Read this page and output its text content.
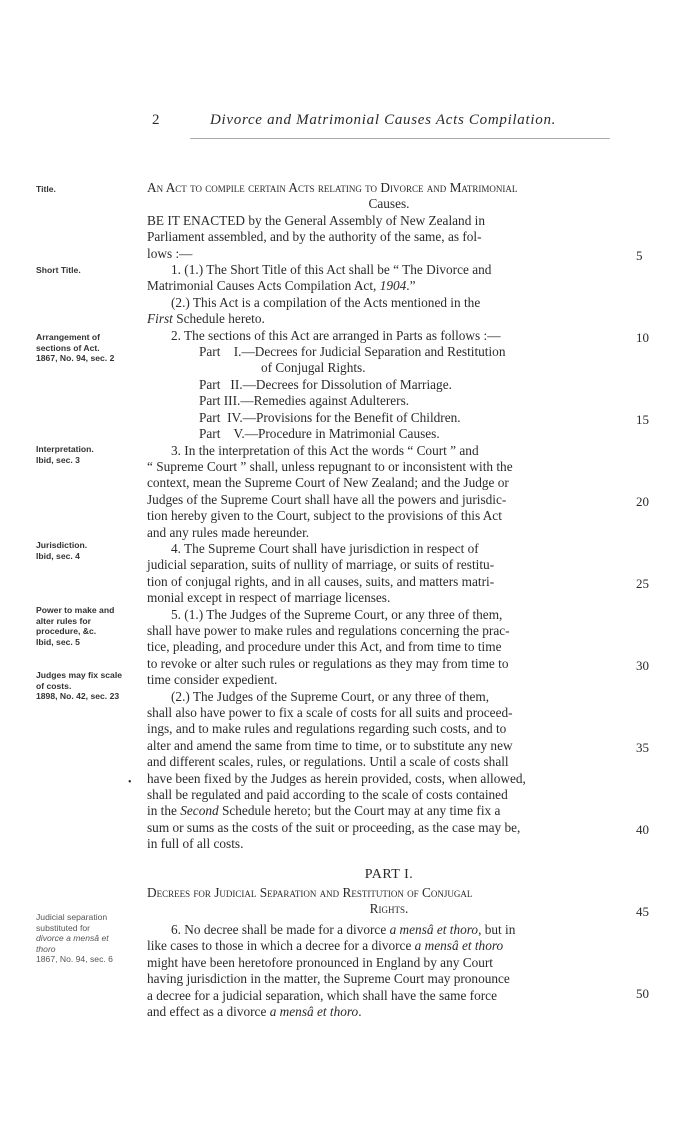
2	Divorce and Matrimonial Causes Acts Compilation.
Title.
Short Title.
Arrangement of
sections of Act.
1867, No. 94, sec. 2
Interpretation.
Ibid, sec. 3
Jurisdiction.
Ibid, sec. 4
Power to make and
alter rules for
procedure, &c.
Ibid, sec. 5
Judges may fix scale
of costs.
1898, No. 42, sec. 23
Judicial separation
substituted for
divorce a mensâ et
thoro
1867, No. 94, sec. 6
•
5
10
15
20
25
30
35
40
45
50

An Act to compile certain Acts relating to Divorce and Matrimonial

Causes.

BE IT ENACTED by the General Assembly of New Zealand in

Parliament assembled, and by the authority of the same, as fol-

lows :—

1. (1.) The Short Title of this Act shall be “ The Divorce and

Matrimonial Causes Acts Compilation Act, 1904.”

(2.) This Act is a compilation of the Acts mentioned in the

First Schedule hereto.

2. The sections of this Act are arranged in Parts as follows :—

Part    I.—Decrees for Judicial Separation and Restitution

of Conjugal Rights.

Part   II.—Decrees for Dissolution of Marriage.

Part III.—Remedies against Adulterers.

Part  IV.—Provisions for the Benefit of Children.

Part    V.—Procedure in Matrimonial Causes.

3. In the interpretation of this Act the words “ Court ” and

“ Supreme Court ” shall, unless repugnant to or inconsistent with the

context, mean the Supreme Court of New Zealand; and the Judge or

Judges of the Supreme Court shall have all the powers and jurisdic-

tion hereby given to the Court, subject to the provisions of this Act

and any rules made hereunder.

4. The Supreme Court shall have jurisdiction in respect of

judicial separation, suits of nullity of marriage, or suits of restitu-

tion of conjugal rights, and in all causes, suits, and matters matri-

monial except in respect of marriage licenses.

5. (1.) The Judges of the Supreme Court, or any three of them,

shall have power to make rules and regulations concerning the prac-

tice, pleading, and procedure under this Act, and from time to time

to revoke or alter such rules or regulations as they may from time to

time consider expedient.

(2.) The Judges of the Supreme Court, or any three of them,

shall also have power to fix a scale of costs for all suits and proceed-

ings, and to make rules and regulations regarding such costs, and to

alter and amend the same from time to time, or to substitute any new

and different scales, rules, or regulations. Until a scale of costs shall

have been fixed by the Judges as herein provided, costs, when allowed,

shall be regulated and paid according to the scale of costs contained

in the Second Schedule hereto; but the Court may at any time fix a

sum or sums as the costs of the suit or proceeding, as the case may be,

in full of all costs.

PART I.

Decrees for Judicial Separation and Restitution of Conjugal

Rights.

6. No decree shall be made for a divorce a mensâ et thoro, but in

like cases to those in which a decree for a divorce a mensâ et thoro

might have been heretofore pronounced in England by any Court

having jurisdiction in the matter, the Supreme Court may pronounce

a decree for a judicial separation, which shall have the same force

and effect as a divorce a mensâ et thoro.
